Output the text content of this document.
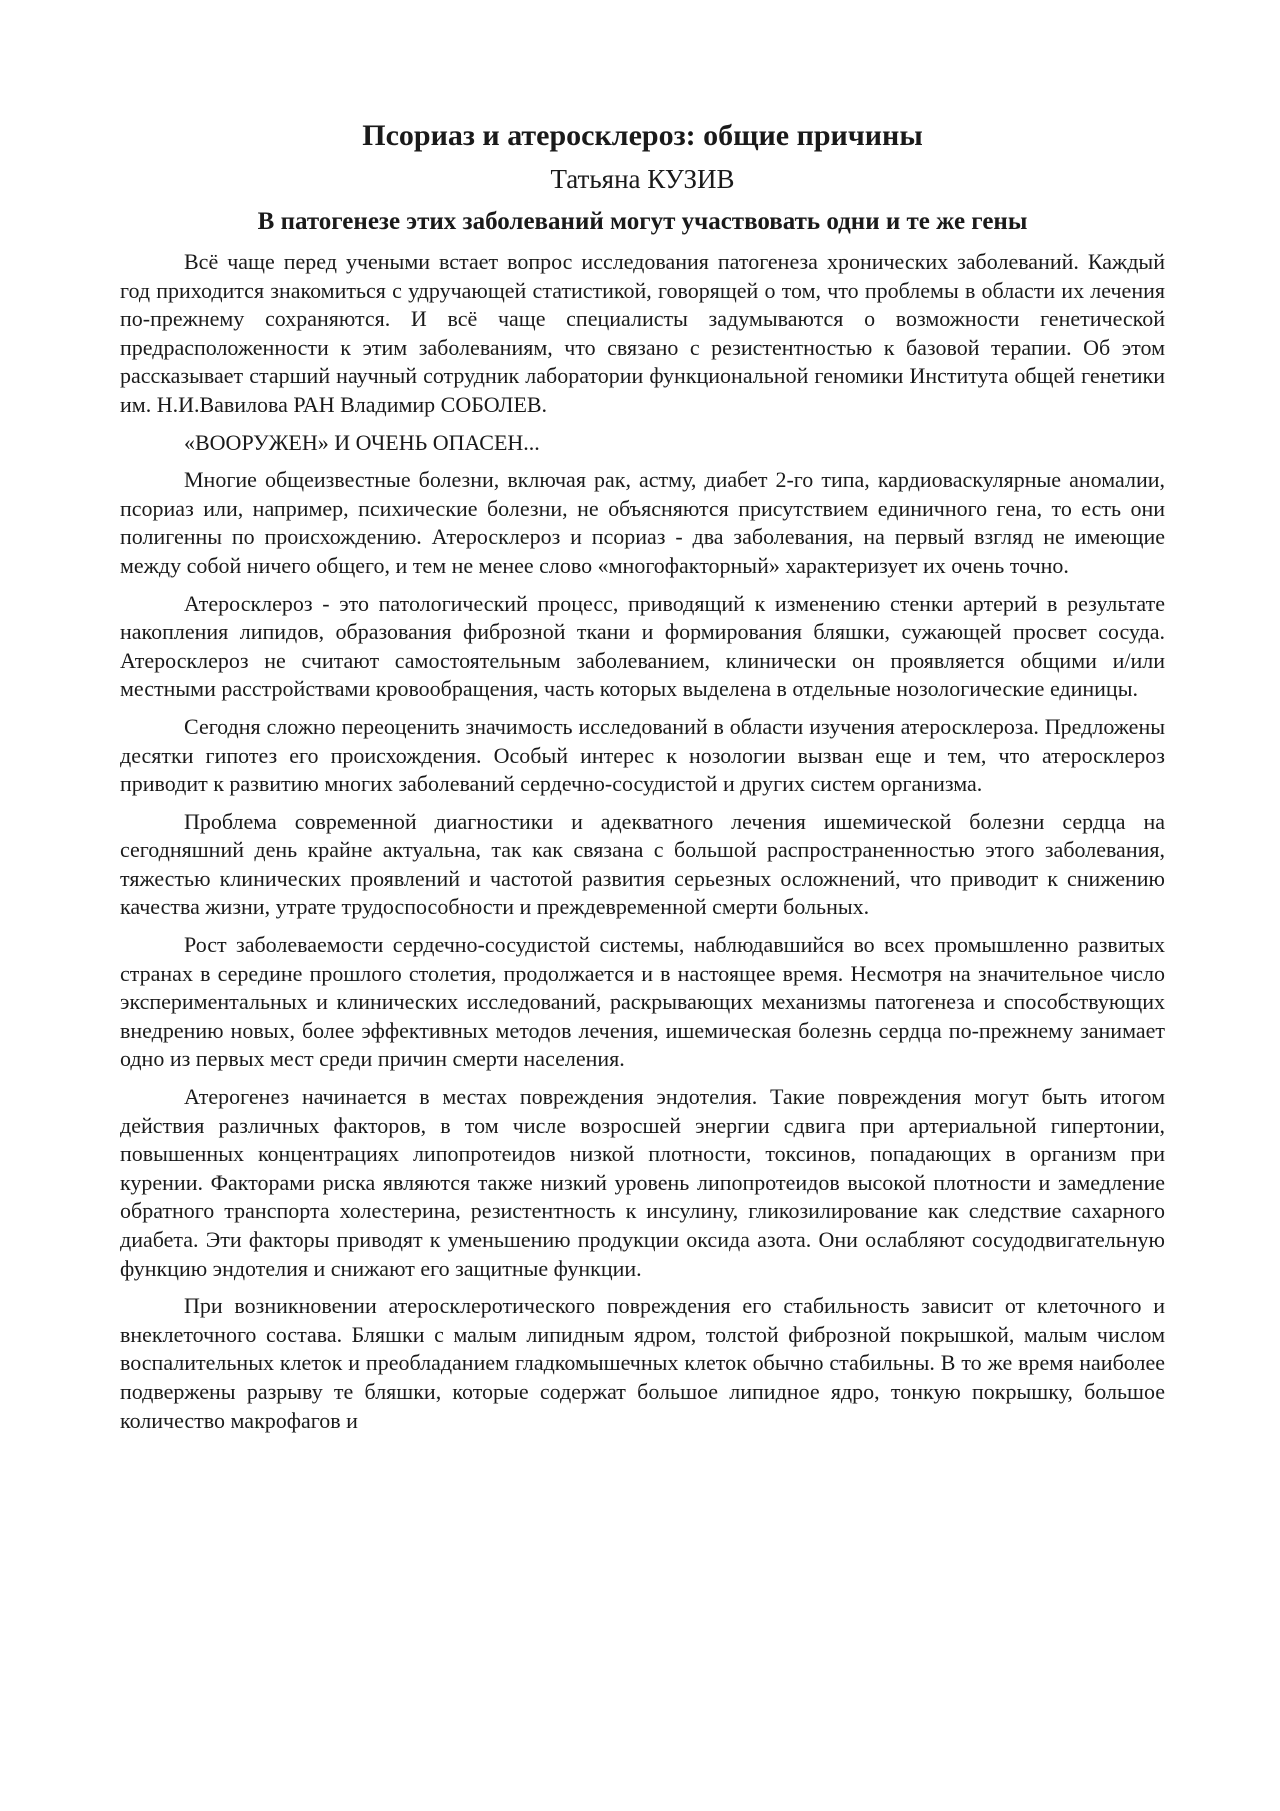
Псориаз и атеросклероз: общие причины
Татьяна КУЗИВ
В патогенезе этих заболеваний могут участвовать одни и те же гены

Всё чаще перед учеными встает вопрос исследования патогенеза хронических заболеваний. Каждый год приходится знакомиться с удручающей статистикой, говорящей о том, что проблемы в области их лечения по-прежнему сохраняются. И всё чаще специалисты задумываются о возможности генетической предрасположенности к этим заболеваниям, что связано с резистентностью к базовой терапии. Об этом рассказывает старший научный сотрудник лаборатории функциональной геномики Института общей генетики им. Н.И.Вавилова РАН Владимир СОБОЛЕВ.

«ВООРУЖЕН» И ОЧЕНЬ ОПАСЕН...

Многие общеизвестные болезни, включая рак, астму, диабет 2-го типа, кардиоваскулярные аномалии, псориаз или, например, психические болезни, не объясняются присутствием единичного гена, то есть они полигенны по происхождению. Атеросклероз и псориаз - два заболевания, на первый взгляд не имеющие между собой ничего общего, и тем не менее слово «многофакторный» характеризует их очень точно.

Атеросклероз - это патологический процесс, приводящий к изменению стенки артерий в результате накопления липидов, образования фиброзной ткани и формирования бляшки, сужающей просвет сосуда. Атеросклероз не считают самостоятельным заболеванием, клинически он проявляется общими и/или местными расстройствами кровообращения, часть которых выделена в отдельные нозологические единицы.

Сегодня сложно переоценить значимость исследований в области изучения атеросклероза. Предложены десятки гипотез его происхождения. Особый интерес к нозологии вызван еще и тем, что атеросклероз приводит к развитию многих заболеваний сердечно-сосудистой и других систем организма.

Проблема современной диагностики и адекватного лечения ишемической болезни сердца на сегодняшний день крайне актуальна, так как связана с большой распространенностью этого заболевания, тяжестью клинических проявлений и частотой развития серьезных осложнений, что приводит к снижению качества жизни, утрате трудоспособности и преждевременной смерти больных.

Рост заболеваемости сердечно-сосудистой системы, наблюдавшийся во всех промышленно развитых странах в середине прошлого столетия, продолжается и в настоящее время. Несмотря на значительное число экспериментальных и клинических исследований, раскрывающих механизмы патогенеза и способствующих внедрению новых, более эффективных методов лечения, ишемическая болезнь сердца по-прежнему занимает одно из первых мест среди причин смерти населения.

Атерогенез начинается в местах повреждения эндотелия. Такие повреждения могут быть итогом действия различных факторов, в том числе возросшей энергии сдвига при артериальной гипертонии, повышенных концентрациях липопротеидов низкой плотности, токсинов, попадающих в организм при курении. Факторами риска являются также низкий уровень липопротеидов высокой плотности и замедление обратного транспорта холестерина, резистентность к инсулину, гликозилирование как следствие сахарного диабета. Эти факторы приводят к уменьшению продукции оксида азота. Они ослабляют сосудодвигательную функцию эндотелия и снижают его защитные функции.

При возникновении атеросклеротического повреждения его стабильность зависит от клеточного и внеклеточного состава. Бляшки с малым липидным ядром, толстой фиброзной покрышкой, малым числом воспалительных клеток и преобладанием гладкомышечных клеток обычно стабильны. В то же время наиболее подвержены разрыву те бляшки, которые содержат большое липидное ядро, тонкую покрышку, большое количество макрофагов и
